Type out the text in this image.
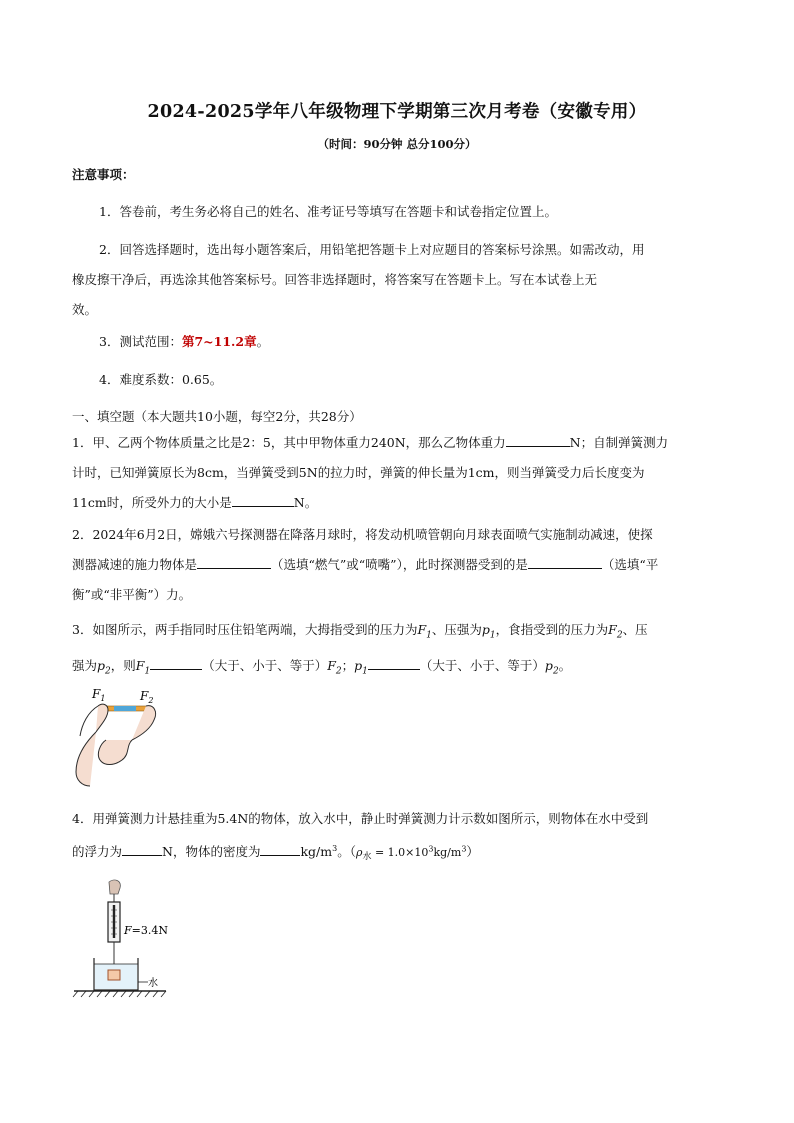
2024-2025学年八年级物理下学期第三次月考卷（安徽专用）
（时间：90分钟 总分100分）
注意事项：
1．答卷前，考生务必将自己的姓名、准考证号等填写在答题卡和试卷指定位置上。
2．回答选择题时，选出每小题答案后，用铅笔把答题卡上对应题目的答案标号涂黑。如需改动，用
橡皮擦干净后，再选涂其他答案标号。回答非选择题时，将答案写在答题卡上。写在本试卷上无
效。
3．测试范围：第7~11.2章。
4．难度系数：0.65。
一、填空题（本大题共10小题，每空2分，共28分）
1．甲、乙两个物体质量之比是2：5，其中甲物体重力240N，那么乙物体重力	N；自制弹簧测力
计时，已知弹簧原长为8cm，当弹簧受到5N的拉力时，弹簧的伸长量为1cm，则当弹簧受力后长度变为
11cm时，所受外力的大小是	N。
2．2024年6月2日，嫦娥六号探测器在降落月球时，将发动机喷管朝向月球表面喷气实施制动减速，使探
测器减速的施力物体是	（选填“燃气”或“喷嘴”），此时探测器受到的是	（选填“平
衡”或“非平衡”）力。
3．如图所示，两手指同时压住铅笔两端，大拇指受到的压力为$F_1$、压强为$p_1$，食指受到的压力为$F_2$、压
强为$p_2$，则$F_1$	（大于、小于、等于）$F_2$；$p_1$	（大于、小于、等于）$p_2$。
$F_1$	$F_2$
4．用弹簧测力计悬挂重为5.4N的物体，放入水中，静止时弹簧测力计示数如图所示，则物体在水中受到
的浮力为	N，物体的密度为	$kg/m^3$。$(\rho_水 = 1.0\times 10^3kg/m^3)$
F=3.4N
水
